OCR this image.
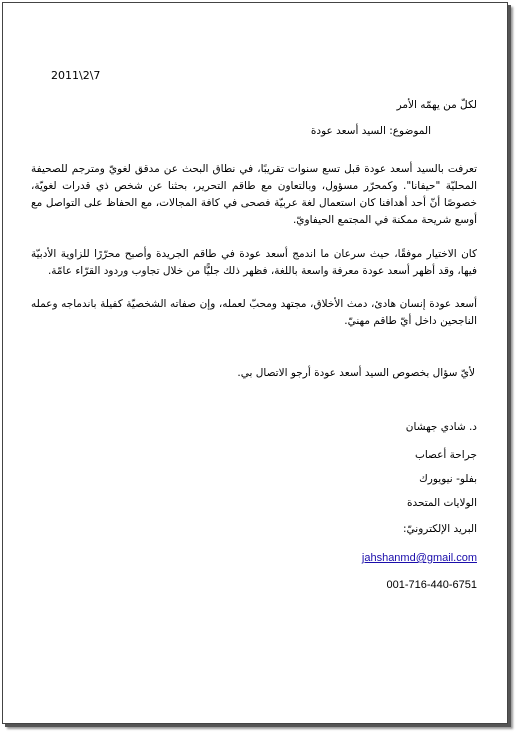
2011\2\7
لكلّ من يهمّه الأمر
الموضوع: السيد أسعد عودة
تعرفت بالسيد أسعد عودة قبل تسع سنوات تقريبًا، في نطاق البحث عن مدقق لغويّ ومترجم للصحيفة المحليّة "حيفانا". وكمحرّر مسؤول، وبالتعاون مع طاقم التحرير، بحثنا عن شخص ذي قدرات لغويّة، خصوصًا أنّ أحد أهدافنا كان استعمال لغة عربيّة فصحى في كافة المجالات، مع الحفاظ على التواصل مع أوسع شريحة ممكنة في المجتمع الحيفاويّ.
كان الاختيار موفقًا، حيث سرعان ما اندمج أسعد عودة في طاقم الجريدة وأصبح محرّرًا للزاوية الأدبيّة فيها، وقد أظهر أسعد عودة معرفة واسعة باللغة، فظهر ذلك جليًّا من خلال تجاوب وردود القرّاء عامّة.
أسعد عودة إنسان هادئ، دمث الأخلاق، مجتهد ومحبّ لعمله، وإن صفاته الشخصيّة كفيلة باندماجه وعمله الناجحين داخل أيّ طاقم مهنيّ.
لأيّ سؤال بخصوص السيد أسعد عودة أرجو الاتصال بي.
د. شادي جهشان
جراحة أعصاب
بفلو- نيويورك
الولايات المتحدة
البريد الإلكترونيّ:
jahshanmd@gmail.com
001-716-440-6751
